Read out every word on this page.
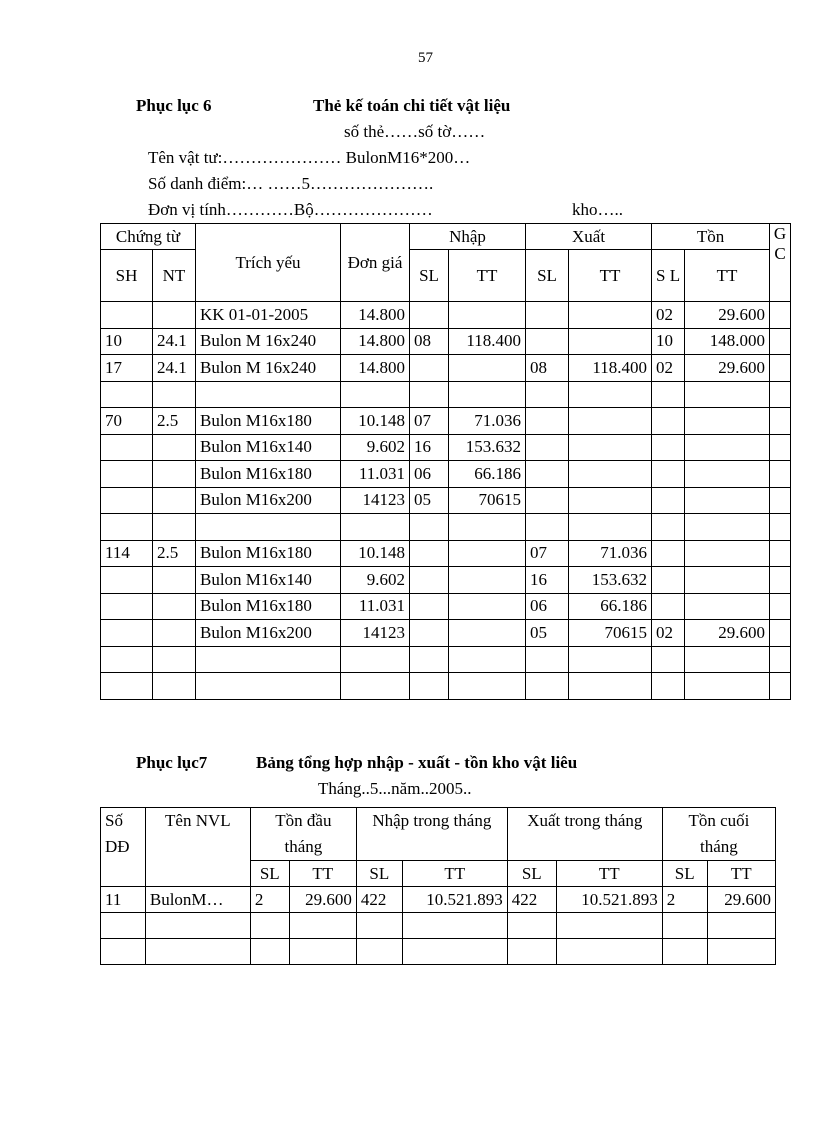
57
Phục lục 6	Thẻ kế toán chi tiết vật liệu
số thẻ……số tờ……
Tên vật tư:………………… BulonM16*200…
Số danh điểm:… ……5………………….
Đơn vị tính…………Bộ…………………	kho…..
Chứng từ		Trích yếu	Đơn giá	Nhập		Xuất		Tồn		G C
SH	NT			SL	TT	SL	TT	S L	TT	
		KK 01-01-2005	14.800					02	29.600	
10	24.1	Bulon M 16x240	14.800	08	118.400			10	148.000	
17	24.1	Bulon M 16x240	14.800			08	118.400	02	29.600	

70	2.5	Bulon M16x180	10.148	07	71.036					
		Bulon M16x140	9.602	16	153.632					
		Bulon M16x180	11.031	06	66.186					
		Bulon M16x200	14123	05	70615					

114	2.5	Bulon M16x180	10.148			07	71.036			
		Bulon M16x140	9.602			16	153.632			
		Bulon M16x180	11.031			06	66.186			
		Bulon M16x200	14123			05	70615	02	29.600	

Phục lục7	Bảng tổng hợp nhập - xuất - tồn kho vật liêu
Tháng..5...năm..2005..
Số
DĐ	Tên NVL	Tồn đầu
tháng		Nhập trong tháng		Xuất trong tháng		Tồn cuối
tháng	
		SL	TT	SL	TT	SL	TT	SL	TT
11	BulonM…	2	29.600	422	10.521.893	422	10.521.893	2	29.600
